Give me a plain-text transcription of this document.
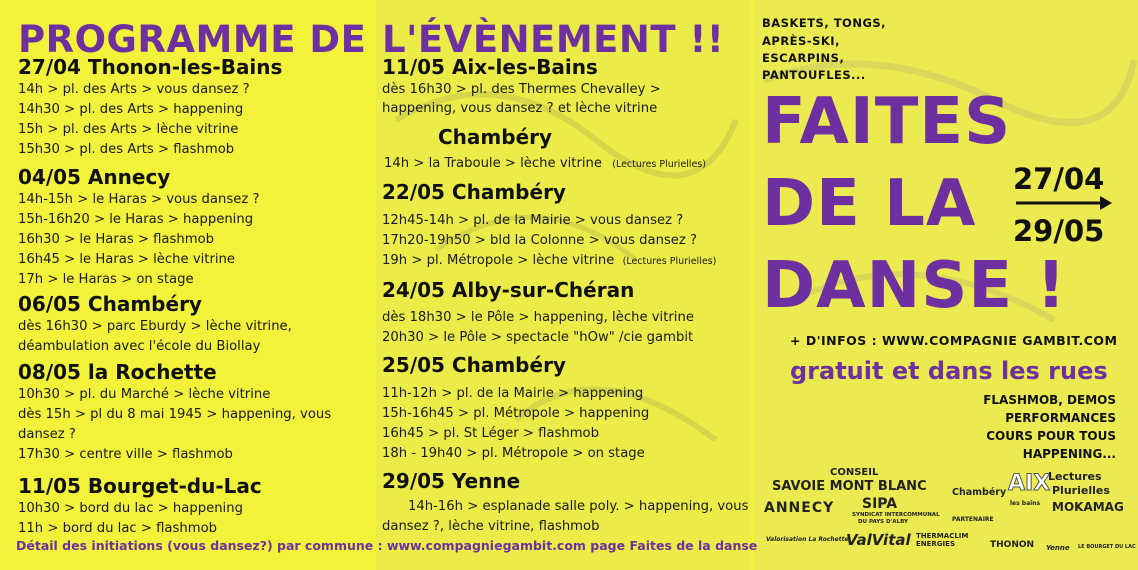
PROGRAMME DE
27/04 Thonon-les-Bains
14h > pl. des Arts > vous dansez ?
14h30 > pl. des Arts > happening
15h > pl. des Arts > lèche vitrine
15h30 > pl. des Arts > flashmob
04/05 Annecy
14h-15h > le Haras > vous dansez ?
15h-16h20 > le Haras > happening
16h30 > le Haras > flashmob
16h45 > le Haras > lèche vitrine
17h > le Haras > on stage
06/05 Chambéry
dès 16h30 > parc Eburdy > lèche vitrine,
déambulation avec l'école du Biollay
08/05 la Rochette
10h30 > pl. du Marché > lèche vitrine
dès 15h > pl du 8 mai 1945 > happening, vous
dansez ?
17h30 > centre ville > flashmob
11/05 Bourget-du-Lac
10h30 > bord du lac > happening
11h > bord du lac > flashmob
L'ÉVÈNEMENT !!
11/05 Aix-les-Bains
dès 16h30 > pl. des Thermes Chevalley >
happening, vous dansez ? et lèche vitrine
Chambéry
14h > la Traboule > lèche vitrine (Lectures Plurielles)
22/05 Chambéry
12h45-14h > pl. de la Mairie > vous dansez ?
17h20-19h50 > bld la Colonne > vous dansez ?
19h > pl. Métropole > lèche vitrine (Lectures Plurielles)
24/05 Alby-sur-Chéran
dès 18h30 > le Pôle > happening, lèche vitrine
20h30 > le Pôle > spectacle "hOw" /cie gambit
25/05 Chambéry
11h-12h > pl. de la Mairie > happening
15h-16h45 > pl. Métropole > happening
16h45 > pl. St Léger > flashmob
18h - 19h40 > pl. Métropole > on stage
29/05 Yenne
14h-16h > esplanade salle poly. > happening, vous
dansez ?, lèche vitrine, flashmob
BASKETS, TONGS,
APRÈS-SKI,
ESCARPINS,
PANTOUFLES...
FAITES
DE LA
DANSE !
27/04
29/05
+ D'INFOS : WWW.COMPAGNIE GAMBIT.COM
gratuit et dans les rues
FLASHMOB, DEMOS
PERFORMANCES
COURS POUR TOUS
HAPPENING...
CONSEIL
SAVOIE MONT BLANC
ANNECY SIPA
SYNDICAT INTERCOMMUNAL
DU PAYS D'ALBY
Chambéry
PARTENAIRE
AIX
les bains
Lectures
Plurielles
MOKAMAG
Valorisation La Rochette
ValVital THERMACLIM
ENERGIES	THONON Yenne LE BOURGET DU LAC
Détail des initiations (vous dansez?) par commune : www.compagniegambit.com page Faites de la danse
